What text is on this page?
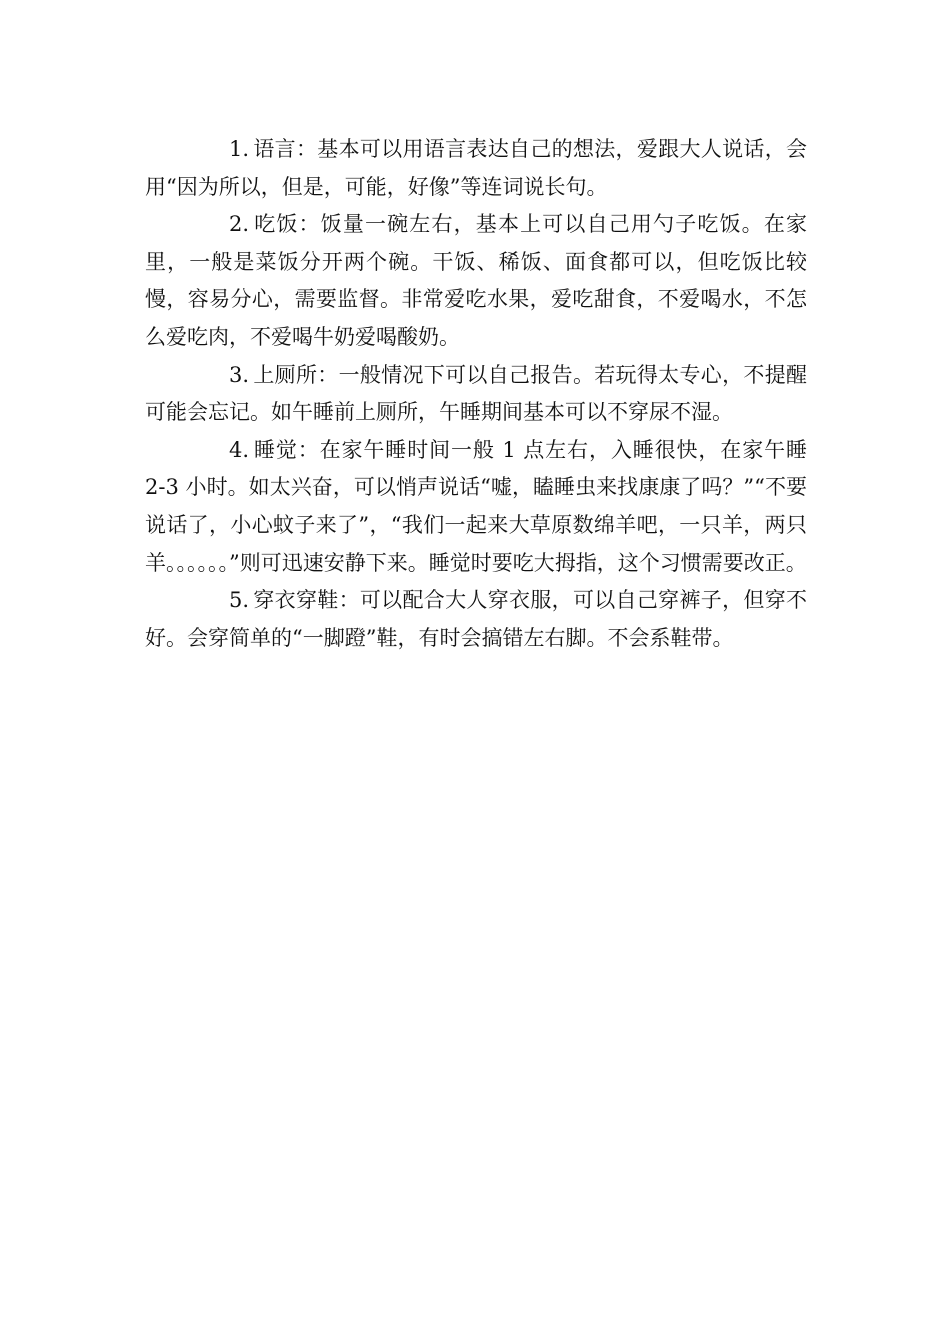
1. 语言：基本可以用语言表达自己的想法，爱跟大人说话，会用“因为所以，但是，可能，好像”等连词说长句。

2. 吃饭：饭量一碗左右，基本上可以自己用勺子吃饭。在家里，一般是菜饭分开两个碗。干饭、稀饭、面食都可以，但吃饭比较慢，容易分心，需要监督。非常爱吃水果，爱吃甜食，不爱喝水，不怎么爱吃肉，不爱喝牛奶爱喝酸奶。

3. 上厕所：一般情况下可以自己报告。若玩得太专心，不提醒可能会忘记。如午睡前上厕所，午睡期间基本可以不穿尿不湿。

4. 睡觉：在家午睡时间一般 1 点左右，入睡很快，在家午睡 2-3 小时。如太兴奋，可以悄声说话“嘘，瞌睡虫来找康康了吗？”“不要说话了，小心蚊子来了”，“我们一起来大草原数绵羊吧，一只羊，两只羊。。。。。。”则可迅速安静下来。睡觉时要吃大拇指，这个习惯需要改正。

5. 穿衣穿鞋：可以配合大人穿衣服，可以自己穿裤子，但穿不好。会穿简单的“一脚蹬”鞋，有时会搞错左右脚。不会系鞋带。
